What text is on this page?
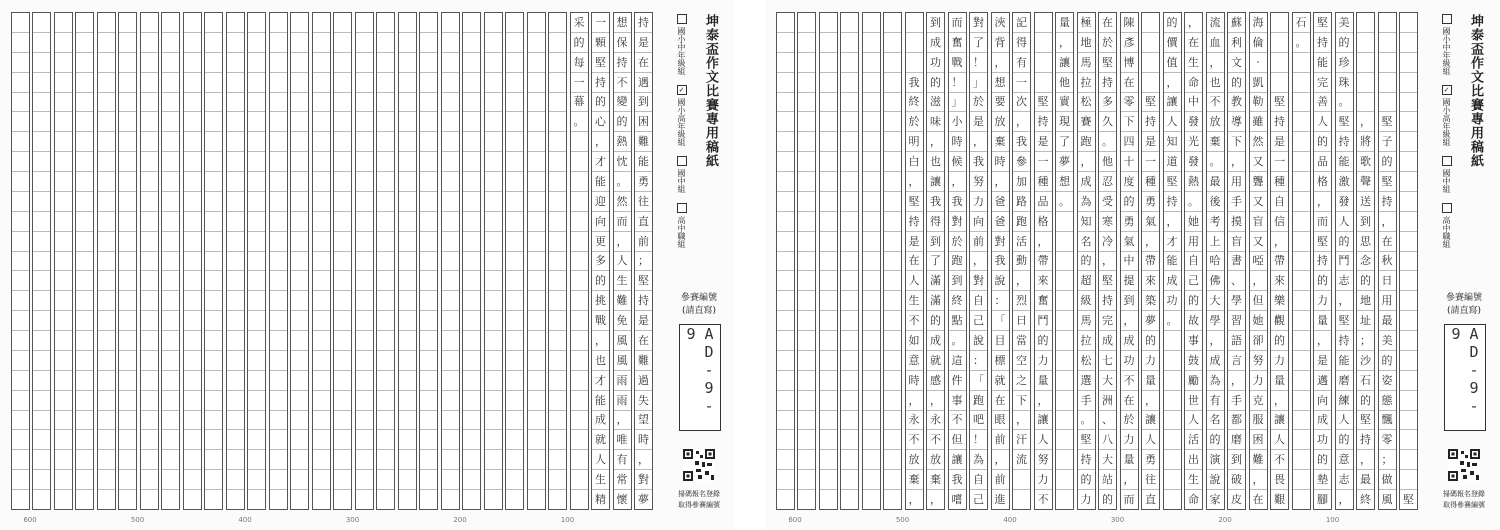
持
是
在
遇
到
困
難
能
勇
往
直
前
；
堅
持
是
在
難
過
失
望
時
，
對
夢
想
保
持
不
變
的
熱
忱
。
然
而
，
人
生
難
免
風
風
雨
雨
，
唯
有
常
懷
一
顆
堅
持
的
心
，
才
能
迎
向
更
多
的
挑
戰
，
也
才
能
成
就
人
生
精
采
的
每
一
幕
。	坤泰盃作文比賽專用稿紙
國小中年級組
✓
國小高年級組
國中組
高中職組
參賽編號
(請直寫)
AD-9-9
掃碼報名登錄
取得參賽編號
600	500	400	300	200	100
堅
堅
子
的
堅
持
，
在
秋
日
用
最
美
的
姿
態
飄
零
；
做
風
，
將
歌
聲
送
到
思
念
的
地
址
；
沙
石
的
堅
持
，
最
終
美
的
珍
珠
。
堅
持
能
激
發
人
的
鬥
志
，
堅
持
能
磨
練
人
的
意
志
，
堅
持
能
完
善
人
的
品
格
，
而
堅
持
的
力
量
，
是
邁
向
成
功
的
墊
腳
石
。
堅
持
是
一
種
自
信
，
帶
來
樂
觀
的
力
量
，
讓
人
不
畏
艱
海
倫
‧
凱
勒
雖
然
又
聾
又
盲
又
啞
，
但
她
卻
努
力
克
服
困
難
，
在
蘇
利
文
的
教
導
下
，
用
手
摸
盲
書
、
學
習
語
言
，
手
都
磨
到
破
皮
流
血
，
也
不
放
棄
。
最
後
考
上
哈
佛
大
學
，
成
為
有
名
的
演
說
家
，
在
生
命
中
發
光
發
熱
。
她
用
自
己
的
故
事
鼓
勵
世
人
活
出
生
命
的
價
值
，
讓
人
知
道
堅
持
，
才
能
成
功
。
堅
持
是
一
種
勇
氣
，
帶
來
築
夢
的
力
量
，
讓
人
勇
往
直
陳
彥
博
在
零
下
四
十
度
的
勇
氣
中
提
到
，
成
功
不
在
於
力
量
，
而
在
於
堅
持
多
久
。
他
忍
受
寒
冷
，
堅
持
完
成
七
大
洲
、
八
大
站
的
極
地
馬
拉
松
賽
跑
，
成
為
知
名
的
超
級
馬
拉
松
選
手
。
堅
持
的
力
量
，
讓
他
實
現
了
夢
想
。
堅
持
是
一
種
品
格
，
帶
來
奮
鬥
的
力
量
，
讓
人
努
力
不
記
得
有
一
次
，
我
參
加
路
跑
活
動
，
烈
日
當
空
之
下
，
汗
流
浹
背
，
想
要
放
棄
時
，
爸
爸
對
我
說
：
「
目
標
就
在
眼
前
，
前
進
對
了
！
」
於
是
，
我
努
力
向
前
，
對
自
己
說
：
「
跑
吧
！
為
自
己
而
奮
戰
！
」
小
時
候
，
我
對
於
跑
到
終
點
。
這
件
事
不
但
讓
我
嚐
到
成
功
的
滋
味
，
也
讓
我
得
到
了
滿
滿
的
成
就
感
，
永
不
放
棄
，
我
終
於
明
白
，
堅
持
是
在
人
生
不
如
意
時
，
永
不
放
棄
，
坤泰盃作文比賽專用稿紙
國小中年級組
✓
國小高年級組
國中組
高中職組
參賽編號
(請直寫)
AD-9-9
掃碼報名登錄
取得參賽編號
600	500	400	300	200	100
